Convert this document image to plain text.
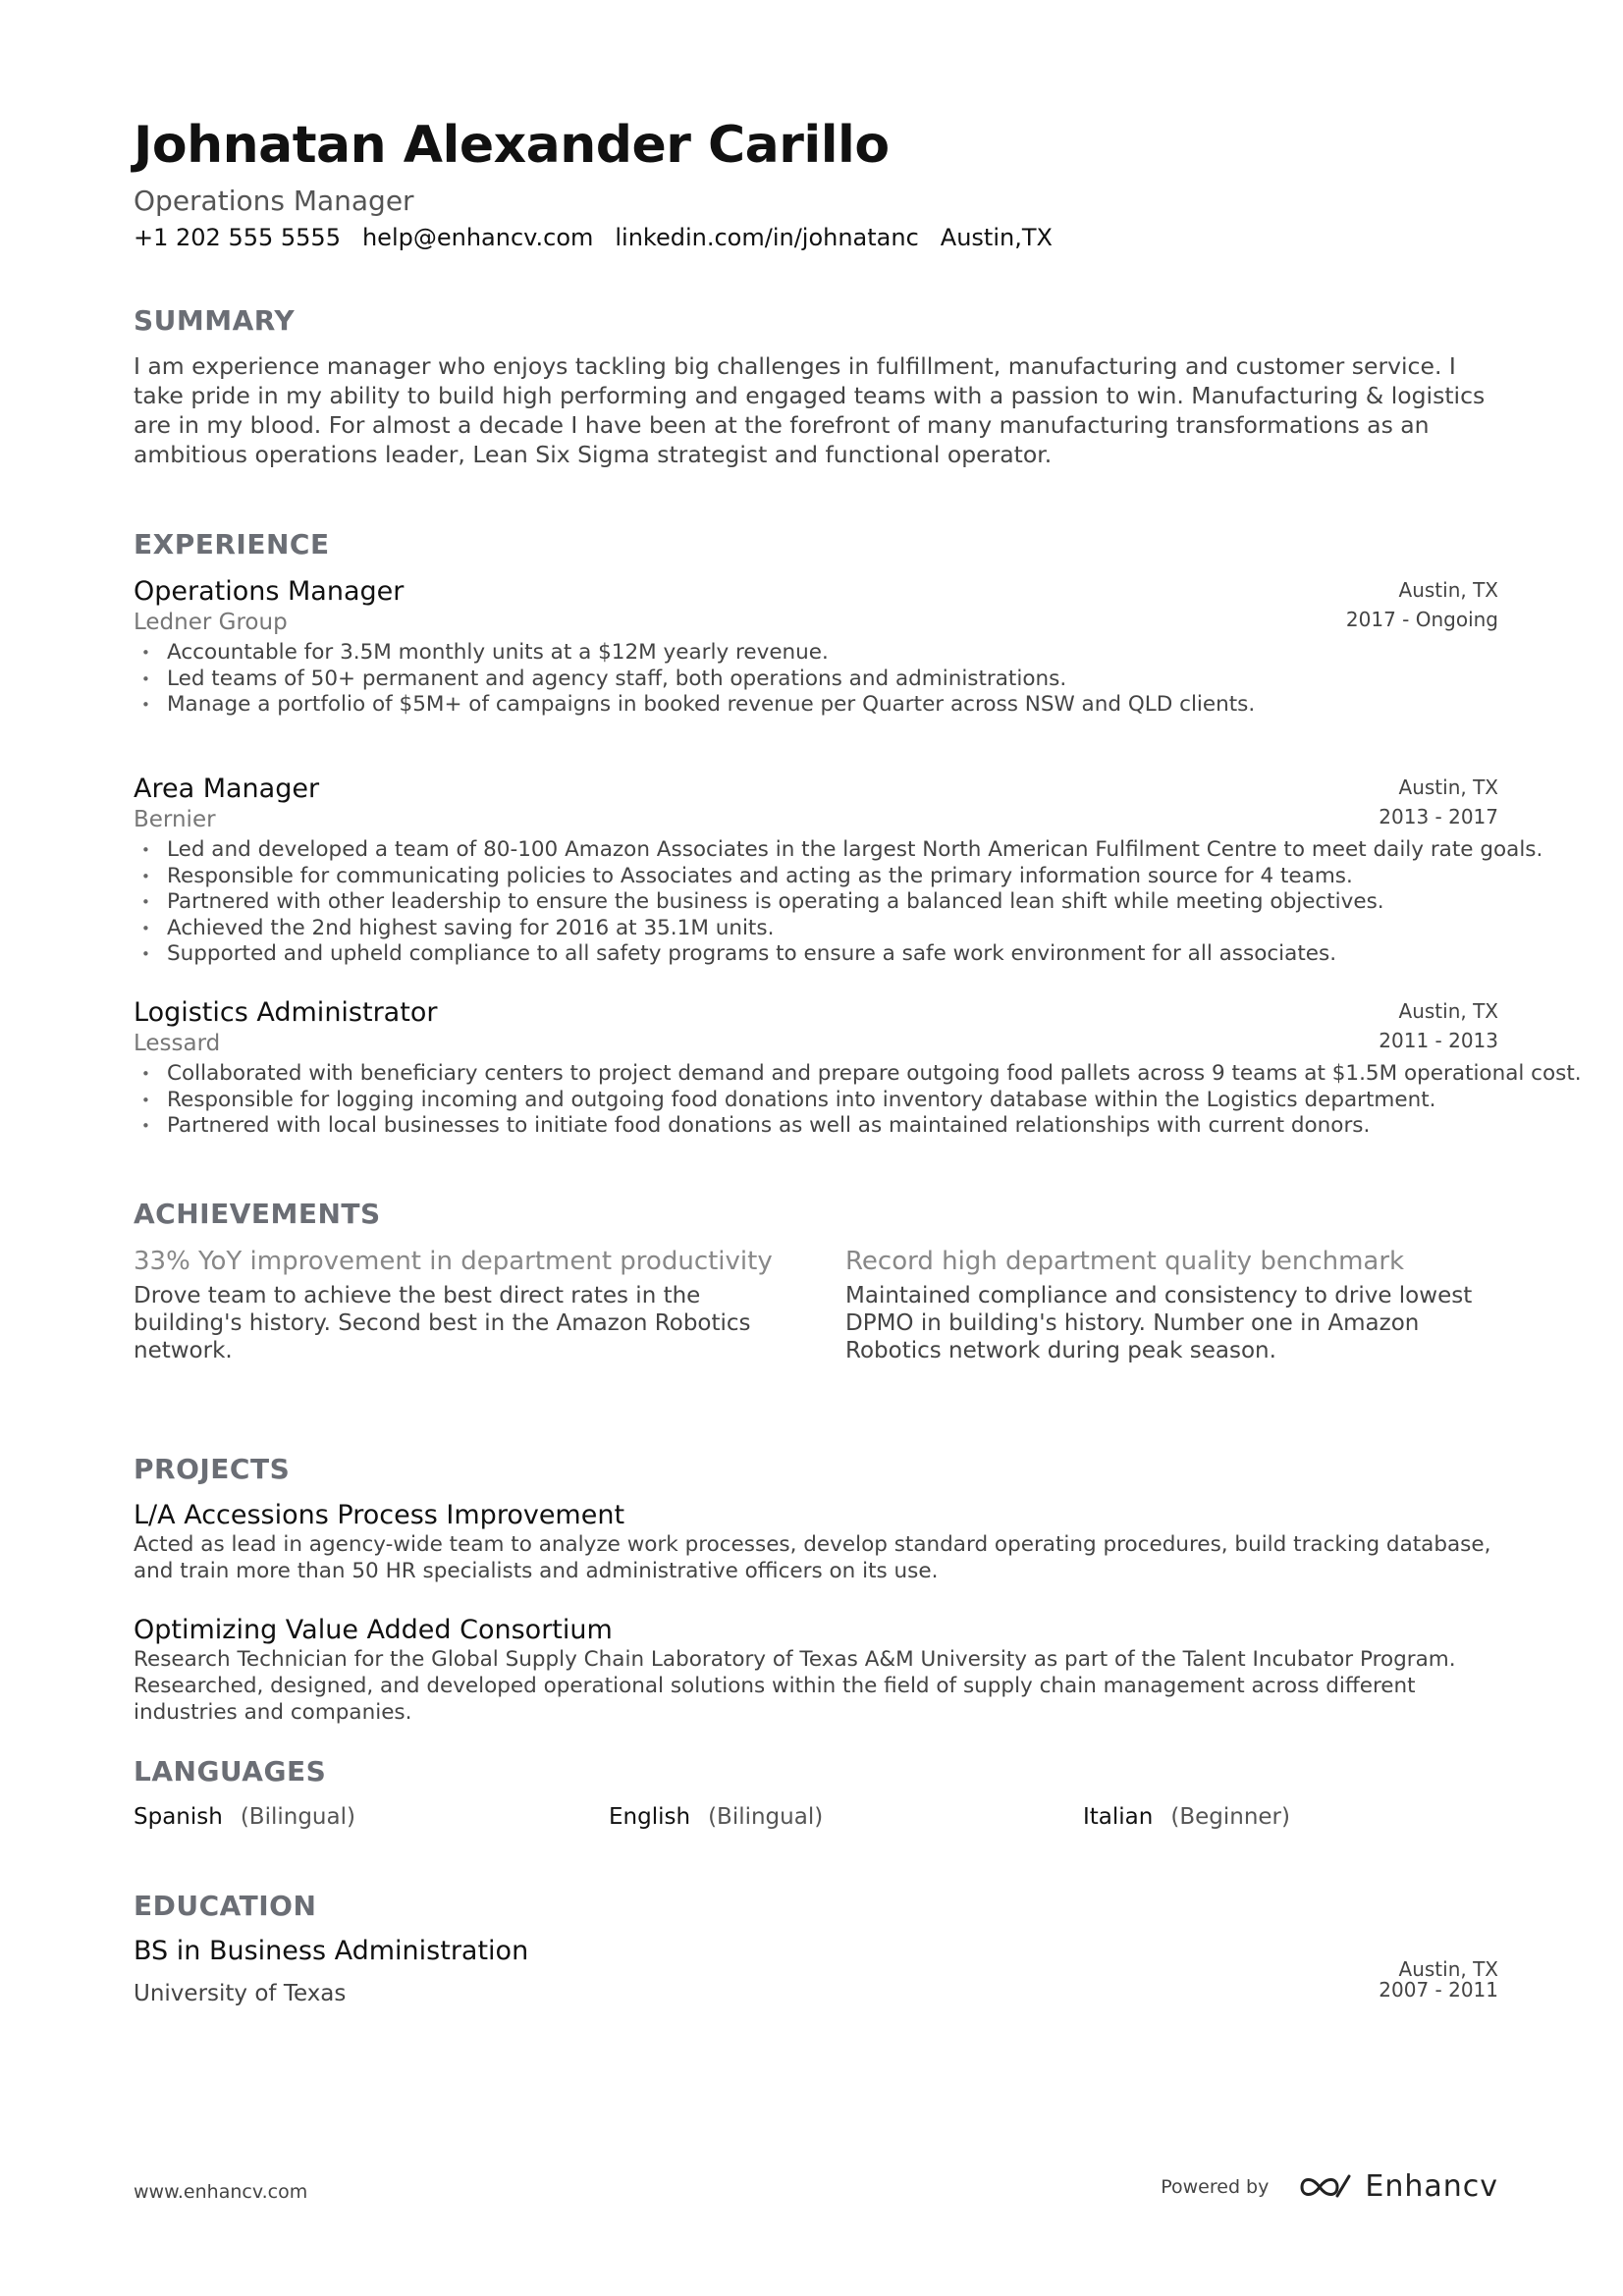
Johnatan Alexander Carillo
Operations Manager
+1 202 555 5555 help@enhancv.com linkedin.com/in/johnatanc Austin,TX
SUMMARY
I am experience manager who enjoys tackling big challenges in fulfillment, manufacturing and customer service. I take pride in my ability to build high performing and engaged teams with a passion to win. Manufacturing & logistics are in my blood. For almost a decade I have been at the forefront of many manufacturing transformations as an ambitious operations leader, Lean Six Sigma strategist and functional operator.
EXPERIENCE
Operations Manager
Ledner Group
Austin, TX
2017 - Ongoing
• Accountable for 3.5M monthly units at a $12M yearly revenue.
• Led teams of 50+ permanent and agency staff, both operations and administrations.
• Manage a portfolio of $5M+ of campaigns in booked revenue per Quarter across NSW and QLD clients.
Area Manager
Bernier
Austin, TX
2013 - 2017
• Led and developed a team of 80-100 Amazon Associates in the largest North American Fulfilment Centre to meet daily rate goals.
• Responsible for communicating policies to Associates and acting as the primary information source for 4 teams.
• Partnered with other leadership to ensure the business is operating a balanced lean shift while meeting objectives.
• Achieved the 2nd highest saving for 2016 at 35.1M units.
• Supported and upheld compliance to all safety programs to ensure a safe work environment for all associates.
Logistics Administrator
Lessard
Austin, TX
2011 - 2013
• Collaborated with beneficiary centers to project demand and prepare outgoing food pallets across 9 teams at $1.5M operational cost.
• Responsible for logging incoming and outgoing food donations into inventory database within the Logistics department.
• Partnered with local businesses to initiate food donations as well as maintained relationships with current donors.
ACHIEVEMENTS
33% YoY improvement in department productivity
Drove team to achieve the best direct rates in the building's history. Second best in the Amazon Robotics network.
Record high department quality benchmark
Maintained compliance and consistency to drive lowest DPMO in building's history. Number one in Amazon Robotics network during peak season.
PROJECTS
L/A Accessions Process Improvement
Acted as lead in agency-wide team to analyze work processes, develop standard operating procedures, build tracking database, and train more than 50 HR specialists and administrative officers on its use.
Optimizing Value Added Consortium
Research Technician for the Global Supply Chain Laboratory of Texas A&M University as part of the Talent Incubator Program. Researched, designed, and developed operational solutions within the field of supply chain management across different industries and companies.
LANGUAGES
Spanish (Bilingual)	English (Bilingual)	Italian (Beginner)
EDUCATION
BS in Business Administration
University of Texas
Austin, TX
2007 - 2011
www.enhancv.com	Powered by	Enhancv
